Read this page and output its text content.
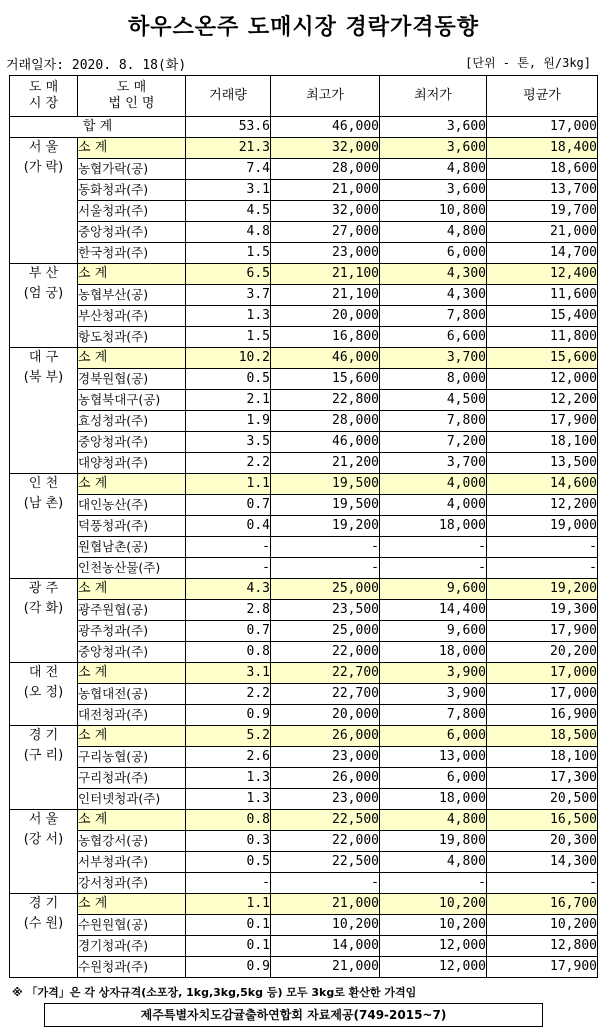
하우스온주 도매시장 경락가격동향
거래일자: 2020. 8. 18(화)	[단위 - 톤, 원/3kg]
도 매
시 장	도 매
법 인 명	거래량	최고가	최저가	평균가
합 계		53.6	46,000	3,600	17,000

서 울
(가 락)	소 계	21.3	32,000	3,600	18,400
	농협가락(공)	7.4	28,000	4,800	18,600
	동화청과(주)	3.1	21,000	3,600	13,700
	서울청과(주)	4.5	32,000	10,800	19,700
	중앙청과(주)	4.8	27,000	4,800	21,000
	한국청과(주)	1.5	23,000	6,000	14,700

부 산
(엄 궁)	소 계	6.5	21,100	4,300	12,400
	농협부산(공)	3.7	21,100	4,300	11,600
	부산청과(주)	1.3	20,000	7,800	15,400
	항도청과(주)	1.5	16,800	6,600	11,800

대 구
(북 부)	소 계	10.2	46,000	3,700	15,600
	경북원협(공)	0.5	15,600	8,000	12,000
	농협북대구(공)	2.1	22,800	4,500	12,200
	효성청과(주)	1.9	28,000	7,800	17,900
	중앙청과(주)	3.5	46,000	7,200	18,100
	대양청과(주)	2.2	21,200	3,700	13,500

인 천
(남 촌)	소 계	1.1	19,500	4,000	14,600
	대인농산(주)	0.7	19,500	4,000	12,200
	덕풍청과(주)	0.4	19,200	18,000	19,000
	원협남촌(공)	-	-	-	-
	인천농산물(주)	-	-	-	-

광 주
(각 화)	소 계	4.3	25,000	9,600	19,200
	광주원협(공)	2.8	23,500	14,400	19,300
	광주청과(주)	0.7	25,000	9,600	17,900
	중앙청과(주)	0.8	22,000	18,000	20,200

대 전
(오 정)	소 계	3.1	22,700	3,900	17,000
	농협대전(공)	2.2	22,700	3,900	17,000
	대전청과(주)	0.9	20,000	7,800	16,900

경 기
(구 리)	소 계	5.2	26,000	6,000	18,500
	구리농협(공)	2.6	23,000	13,000	18,100
	구리청과(주)	1.3	26,000	6,000	17,300
	인터넷청과(주)	1.3	23,000	18,000	20,500

서 울
(강 서)	소 계	0.8	22,500	4,800	16,500
	농협강서(공)	0.3	22,000	19,800	20,300
	서부청과(주)	0.5	22,500	4,800	14,300
	강서청과(주)	-	-	-	-

경 기
(수 원)	소 계	1.1	21,000	10,200	16,700
	수원원협(공)	0.1	10,200	10,200	10,200
	경기청과(주)	0.1	14,000	12,000	12,800
	수원청과(주)	0.9	21,000	12,000	17,900
※ 「가격」은 각 상자규격(소포장, 1kg,3kg,5kg 등) 모두 3kg로 환산한 가격임
제주특별자치도감귤출하연합회 자료제공(749-2015~7)
